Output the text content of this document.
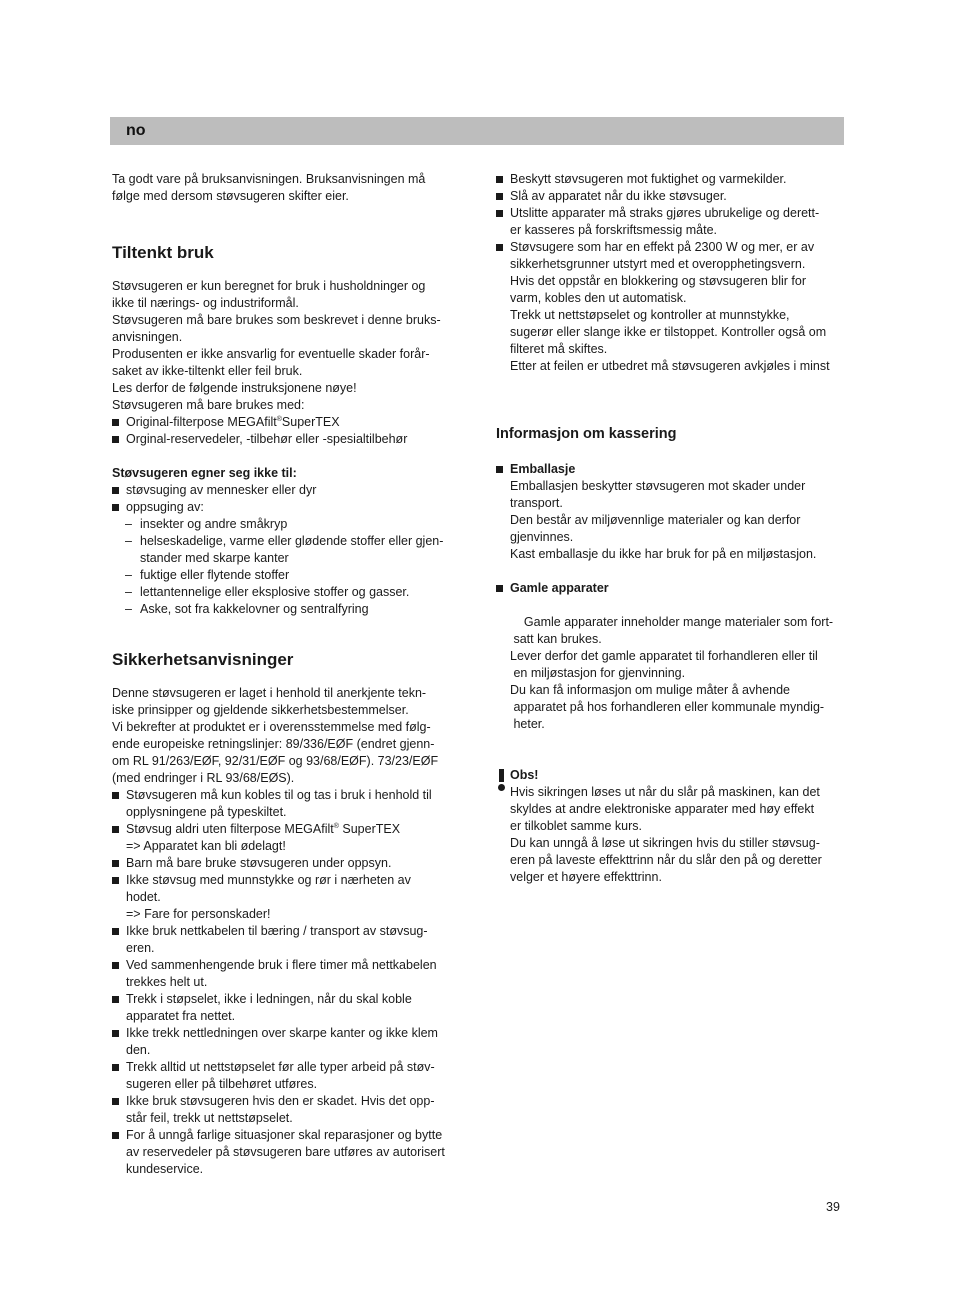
no

Ta godt vare på bruksanvisningen. Bruksanvisningen må
følge med dersom støvsugeren skifter eier.

Tiltenkt bruk

Støvsugeren er kun beregnet for bruk i husholdninger og
ikke til nærings- og industriformål.
Støvsugeren må bare brukes som beskrevet i denne bruks-
anvisningen.
Produsenten er ikke ansvarlig for eventuelle skader forår-
saket av ikke-tiltenkt eller feil bruk.
Les derfor de følgende instruksjonene nøye!
Støvsugeren må bare brukes med:

Original-filterpose MEGAfilt®SuperTEX
Orginal-reservedeler, -tilbehør eller -spesialtilbehør

Støvsugeren egner seg ikke til:

støvsuging av mennesker eller dyr
oppsuging av:
– insekter og andre småkryp
– helseskadelige, varme eller glødende stoffer eller gjen-
stander med skarpe kanter
– fuktige eller flytende stoffer
– lettantennelige eller eksplosive stoffer og gasser.
– Aske, sot fra kakkelovner og sentralfyring

Sikkerhetsanvisninger

Denne støvsugeren er laget i henhold til anerkjente tekn-
iske prinsipper og gjeldende sikkerhetsbestemmelser.
Vi bekrefter at produktet er i overensstemmelse med følg-
ende europeiske retningslinjer: 89/336/EØF (endret gjenn-
om RL 91/263/EØF, 92/31/EØF og 93/68/EØF). 73/23/EØF
(med endringer i RL 93/68/EØS).

Støvsugeren må kun kobles til og tas i bruk i henhold til
opplysningene på typeskiltet.
Støvsug aldri uten filterpose MEGAfilt® SuperTEX
=> Apparatet kan bli ødelagt!
Barn må bare bruke støvsugeren under oppsyn.
Ikke støvsug med munnstykke og rør i nærheten av
hodet.
=> Fare for personskader!
Ikke bruk nettkabelen til bæring / transport av støvsug-
eren.
Ved sammenhengende bruk i flere timer må nettkabelen
trekkes helt ut.
Trekk i støpselet, ikke i ledningen, når du skal koble
apparatet fra nettet.
Ikke trekk nettledningen over skarpe kanter og ikke klem
den.
Trekk alltid ut nettstøpselet før alle typer arbeid på støv-
sugeren eller på tilbehøret utføres.
Ikke bruk støvsugeren hvis den er skadet. Hvis det opp-
står feil, trekk ut nettstøpselet.
For å unngå farlige situasjoner skal reparasjoner og bytte
av reservedeler på støvsugeren bare utføres av autorisert
kundeservice.
Beskytt støvsugeren mot fuktighet og varmekilder.
Slå av apparatet når du ikke støvsuger.
Utslitte apparater må straks gjøres ubrukelige og derett-
er kasseres på forskriftsmessig måte.
Støvsugere som har en effekt på 2300 W og mer, er av
sikkerhetsgrunner utstyrt med et overopphetingsvern.
Hvis det oppstår en blokkering og støvsugeren blir for
varm, kobles den ut automatisk.
Trekk ut nettstøpselet og kontroller at munnstykke,
sugerør eller slange ikke er tilstoppet. Kontroller også om
filteret må skiftes.
Etter at feilen er utbedret må støvsugeren avkjøles i minst

Informasjon om kassering

Emballasje

Emballasjen beskytter støvsugeren mot skader under
transport.
Den består av miljøvennlige materialer og kan derfor
gjenvinnes.
Kast emballasje du ikke har bruk for på en miljøstasjon.

Gamle apparater

Gamle apparater inneholder mange materialer som fort-
satt kan brukes.
Lever derfor det gamle apparatet til forhandleren eller til
en miljøstasjon for gjenvinning.
Du kan få informasjon om mulige måter å avhende
apparatet på hos forhandleren eller kommunale myndig-
heter.

Obs!

Hvis sikringen løses ut når du slår på maskinen, kan det
skyldes at andre elektroniske apparater med høy effekt
er tilkoblet samme kurs.
Du kan unngå å løse ut sikringen hvis du stiller støvsug-
eren på laveste effekttrinn når du slår den på og deretter
velger et høyere effekttrinn.

39
